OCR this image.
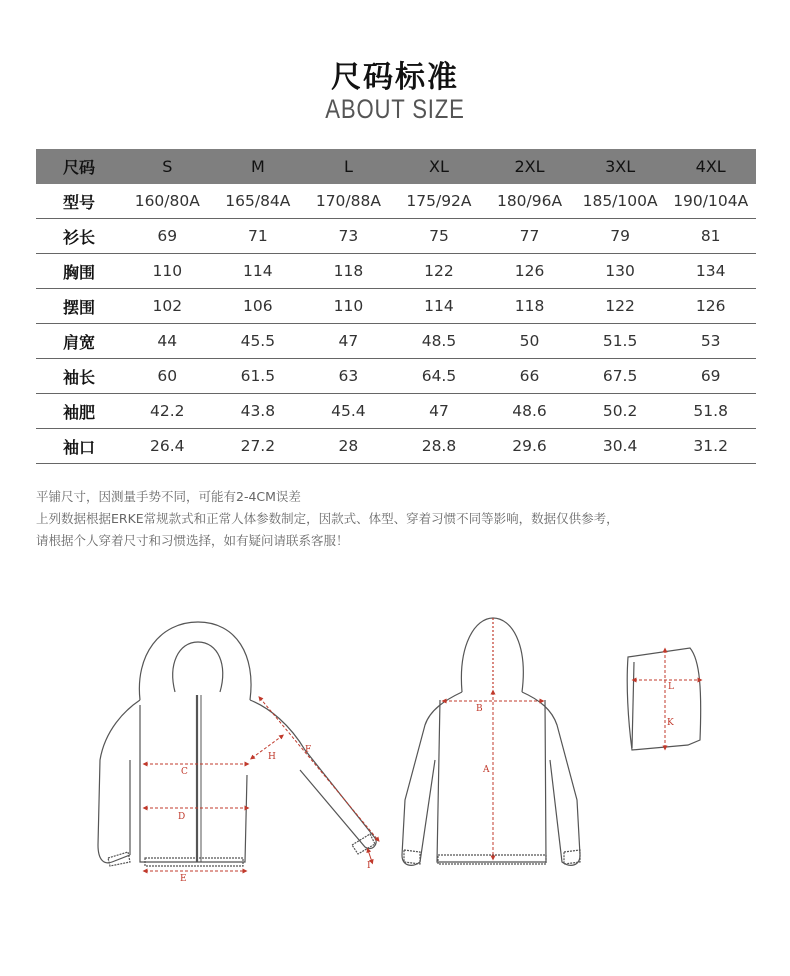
尺码标准
ABOUT SIZE
尺码	S	M	L	XL	2XL	3XL	4XL
型号	160/80A	165/84A	170/88A	175/92A	180/96A	185/100A	190/104A
衫长	69	71	73	75	77	79	81
胸围	110	114	118	122	126	130	134
摆围	102	106	110	114	118	122	126
肩宽	44	45.5	47	48.5	50	51.5	53
袖长	60	61.5	63	64.5	66	67.5	69
袖肥	42.2	43.8	45.4	47	48.6	50.2	51.8
袖口	26.4	27.2	28	28.8	29.6	30.4	31.2
平铺尺寸，因测量手势不同，可能有2-4CM误差
上列数据根据ERKE常规款式和正常人体参数制定，因款式、体型、穿着习惯不同等影响，数据仅供参考，
请根据个人穿着尺寸和习惯选择，如有疑问请联系客服！
C
D
E
F
H
I
B
A
L
K
